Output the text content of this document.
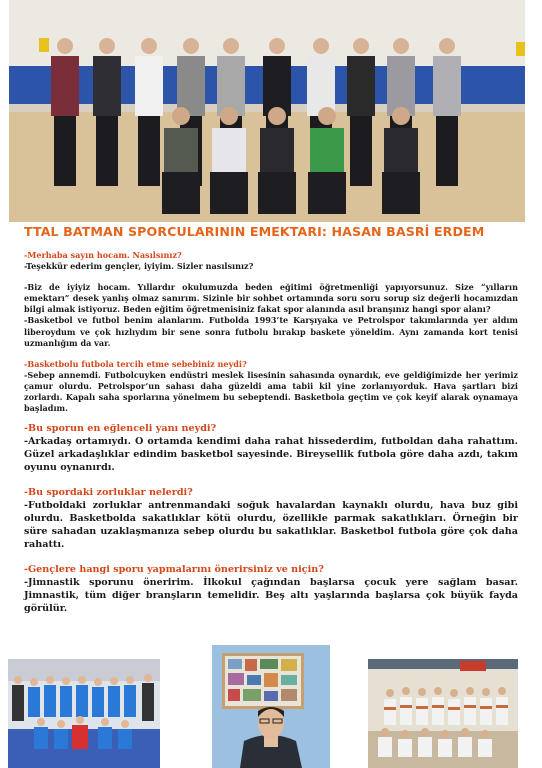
TTAL BATMAN SPORCULARININ EMEKTARI: HASAN BASRİ ERDEM

-Merhaba sayın hocam. Nasılsınız?

-Teşekkür ederim gençler, iyiyim. Sizler nasılsınız?

-Biz de iyiyiz hocam. Yıllardır okulumuzda beden eğitimi öğretmenliği yapıyorsunuz. Size “yılların emektarı” desek yanlış olmaz sanırım. Sizinle bir sohbet ortamında soru soru sorup siz değerli hocamızdan bilgi almak istiyoruz. Beden eğitim öğretmenisiniz fakat spor alanında asıl branşınız hangi spor alanı?

-Basketbol ve futbol benim alanlarım. Futbolda 1993’te Karşıyaka ve Petrolspor takımlarında yer aldım liberoydum ve çok hızlıydım bir sene sonra futbolu bırakıp baskete yöneldim. Aynı zamanda kort tenisi uzmanlığım da var.

-Basketbolu futbola tercih etme sebebiniz neydi?

-Sebep annemdi. Futbolcuyken endüstri meslek lisesinin sahasında oynardık, eve geldiğimizde her yerimiz çamur olurdu. Petrolspor’un sahası daha güzeldi ama tabii kil yine zorlanıyorduk. Hava şartları bizi zorlardı. Kapalı saha sporlarına yönelmem bu sebeptendi. Basketbola geçtim ve çok keyif alarak oynamaya başladım.

-Bu sporun en eğlenceli yanı neydi?

-Arkadaş ortamıydı. O ortamda kendimi daha rahat hissederdim, futboldan daha rahattım. Güzel arkadaşlıklar edindim basketbol sayesinde. Bireysellik futbola göre daha azdı, takım oyunu oynanırdı.

-Bu spordaki zorluklar nelerdi?

-Futboldaki zorluklar antrenmandaki soğuk havalardan kaynaklı olurdu, hava buz gibi olurdu. Basketbolda sakatlıklar kötü olurdu, özellikle parmak sakatlıkları. Örneğin bir süre sahadan uzaklaşmanıza sebep olurdu bu sakatlıklar. Basketbol futbola göre çok daha rahattı.

-Gençlere hangi sporu yapmalarını önerirsiniz ve niçin?

-Jimnastik sporunu öneririm. İlkokul çağından başlarsa çocuk yere sağlam basar. Jimnastik, tüm diğer branşların temelidir. Beş altı yaşlarında başlarsa çok büyük fayda görülür.
